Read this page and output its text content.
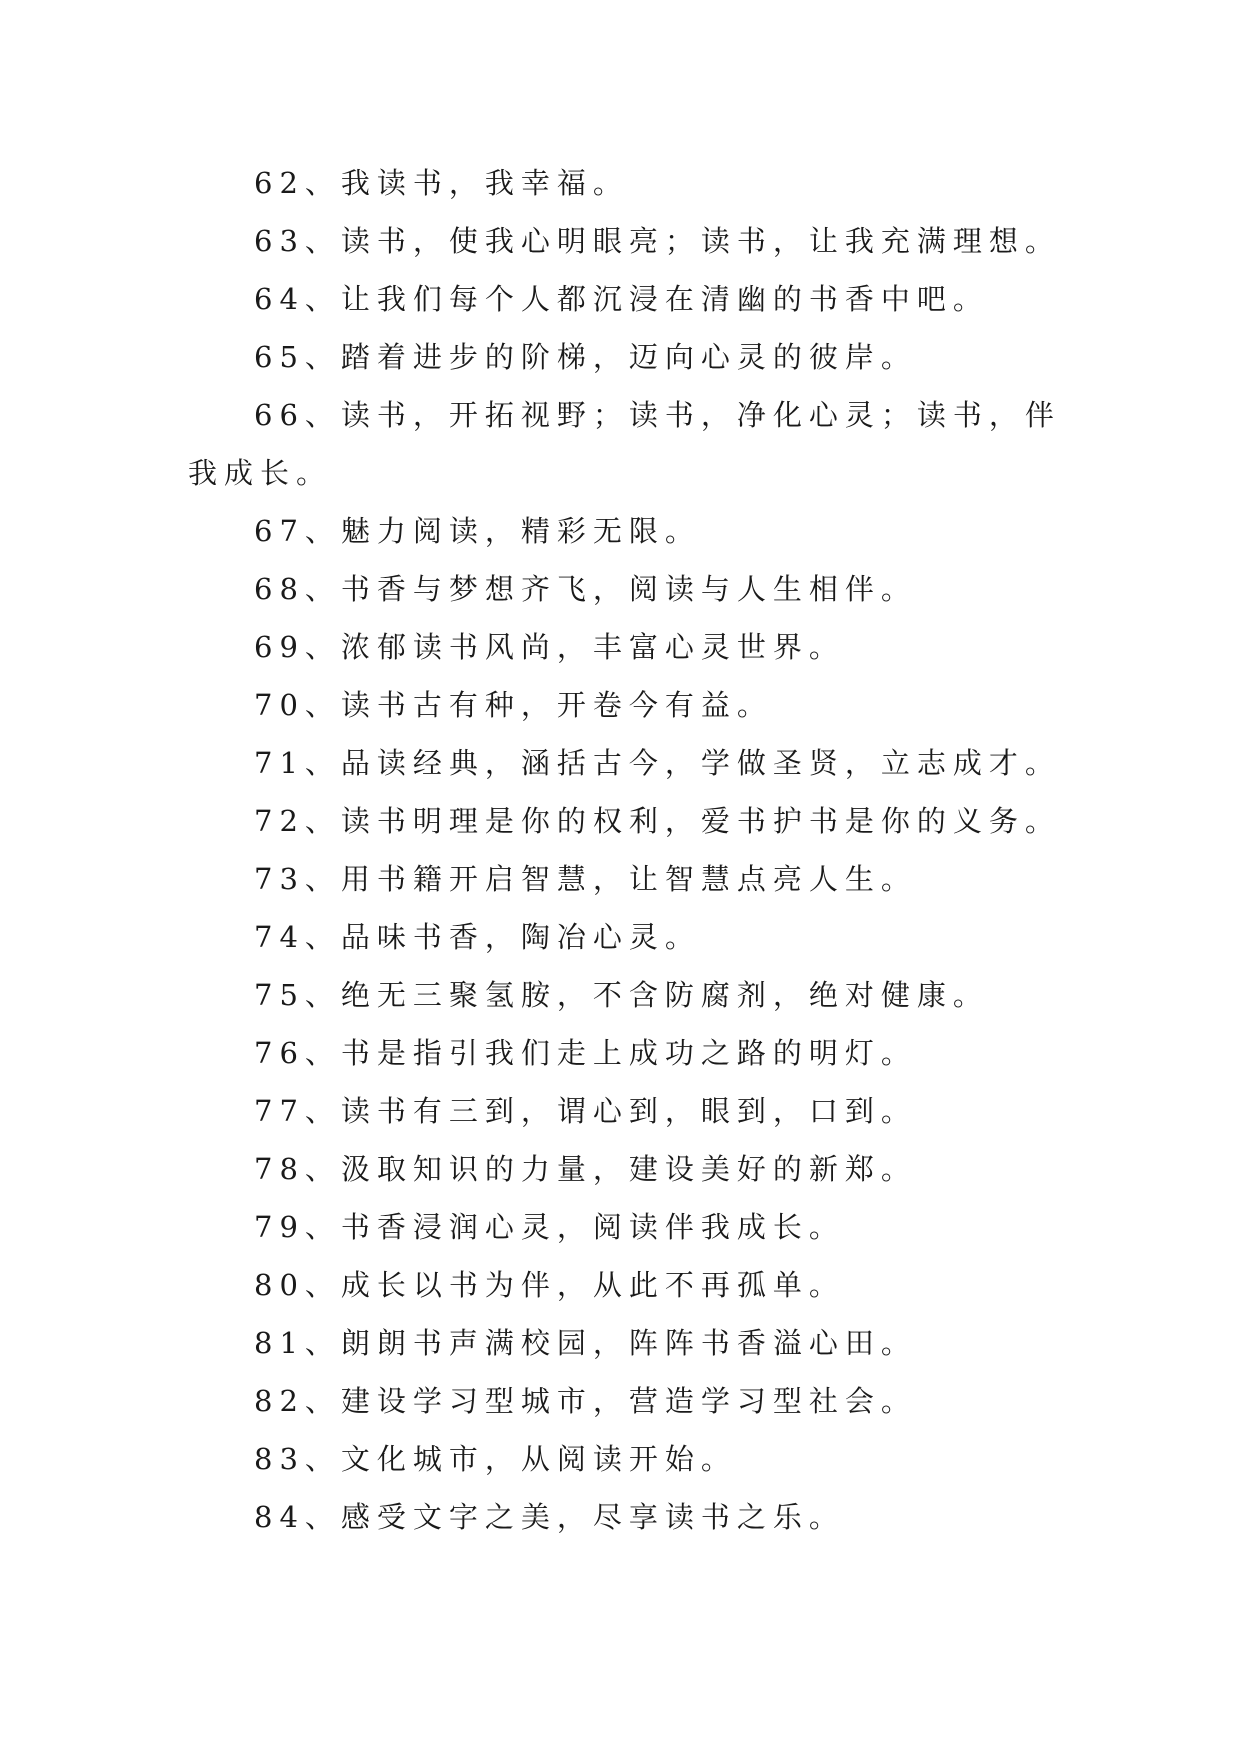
62、我读书，我幸福。

63、读书，使我心明眼亮；读书，让我充满理想。

64、让我们每个人都沉浸在清幽的书香中吧。

65、踏着进步的阶梯，迈向心灵的彼岸。

66、读书，开拓视野；读书，净化心灵；读书，伴我成长。

67、魅力阅读，精彩无限。

68、书香与梦想齐飞，阅读与人生相伴。

69、浓郁读书风尚，丰富心灵世界。

70、读书古有种，开卷今有益。

71、品读经典，涵括古今，学做圣贤，立志成才。

72、读书明理是你的权利，爱书护书是你的义务。

73、用书籍开启智慧，让智慧点亮人生。

74、品味书香，陶冶心灵。

75、绝无三聚氢胺，不含防腐剂，绝对健康。

76、书是指引我们走上成功之路的明灯。

77、读书有三到，谓心到，眼到，口到。

78、汲取知识的力量，建设美好的新郑。

79、书香浸润心灵，阅读伴我成长。

80、成长以书为伴，从此不再孤单。

81、朗朗书声满校园，阵阵书香溢心田。

82、建设学习型城市，营造学习型社会。

83、文化城市，从阅读开始。

84、感受文字之美，尽享读书之乐。
